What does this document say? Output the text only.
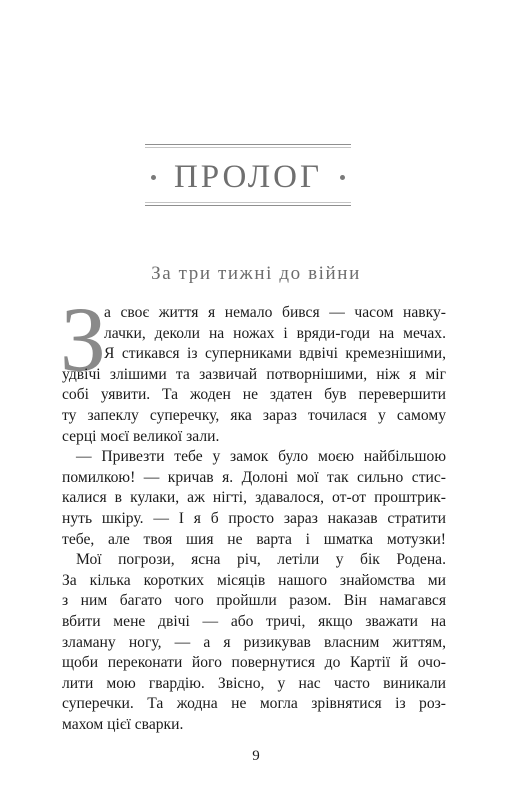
ПРОЛОГ
За три тижні до війни
З
а своє життя я немало бився — часом навку-
лачки, деколи на ножах і вряди-годи на мечах.
Я стикався із суперниками вдвічі кремезнішими,
удвічі злішими та зазвичай потворнішими, ніж я міг
собі уявити. Та жоден не здатен був перевершити
ту запеклу суперечку, яка зараз точилася у самому
серці моєї великої зали.
— Привезти тебе у замок було моєю найбільшою
помилкою! — кричав я. Долоні мої так сильно стис-
калися в кулаки, аж нігті, здавалося, от-от проштрик-
нуть шкіру. — І я б просто зараз наказав стратити
тебе, але твоя шия не варта і шматка мотузки!
Мої погрози, ясна річ, летіли у бік Родена.
За кілька коротких місяців нашого знайомства ми
з ним багато чого пройшли разом. Він намагався
вбити мене двічі — або тричі, якщо зважати на
зламану ногу, — а я ризикував власним життям,
щоби переконати його повернутися до Картії й очо-
лити мою гвардію. Звісно, у нас часто виникали
суперечки. Та жодна не могла зрівнятися із роз-
махом цієї сварки.
9
